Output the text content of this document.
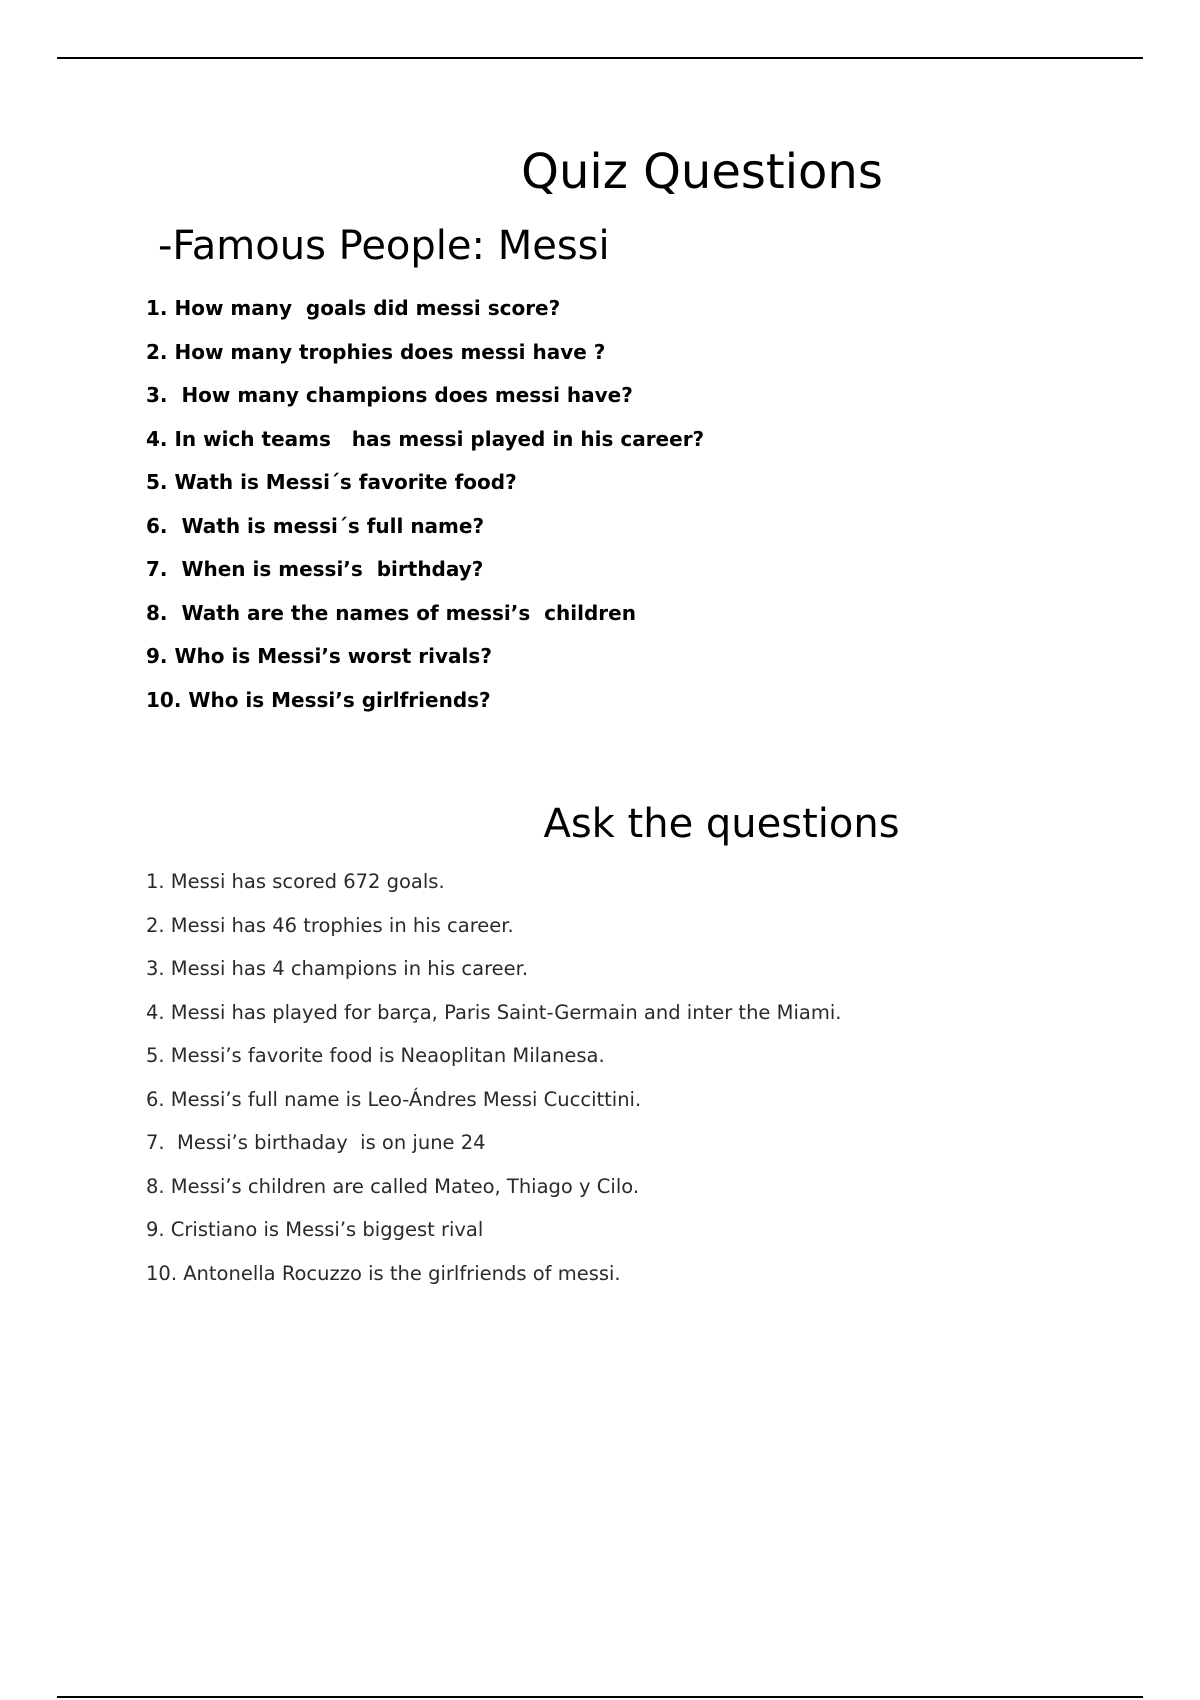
Quiz Questions
-Famous People: Messi
1. How many  goals did messi score?
2. How many trophies does messi have ?
3.  How many champions does messi have?
4. In wich teams   has messi played in his career?
5. Wath is Messi´s favorite food?
6.  Wath is messi´s full name?
7.  When is messi’s  birthday?
8.  Wath are the names of messi’s  children
9. Who is Messi’s worst rivals?
10. Who is Messi’s girlfriends?
Ask the questions
1. Messi has scored 672 goals.
2. Messi has 46 trophies in his career.
3. Messi has 4 champions in his career.
4. Messi has played for barça, Paris Saint-Germain and inter the Miami.
5. Messi’s favorite food is Neaoplitan Milanesa.
6. Messi’s full name is Leo-Ándres Messi Cuccittini.
7.  Messi’s birthaday  is on june 24
8. Messi’s children are called Mateo, Thiago y Cilo.
9. Cristiano is Messi’s biggest rival
10. Antonella Rocuzzo is the girlfriends of messi.
